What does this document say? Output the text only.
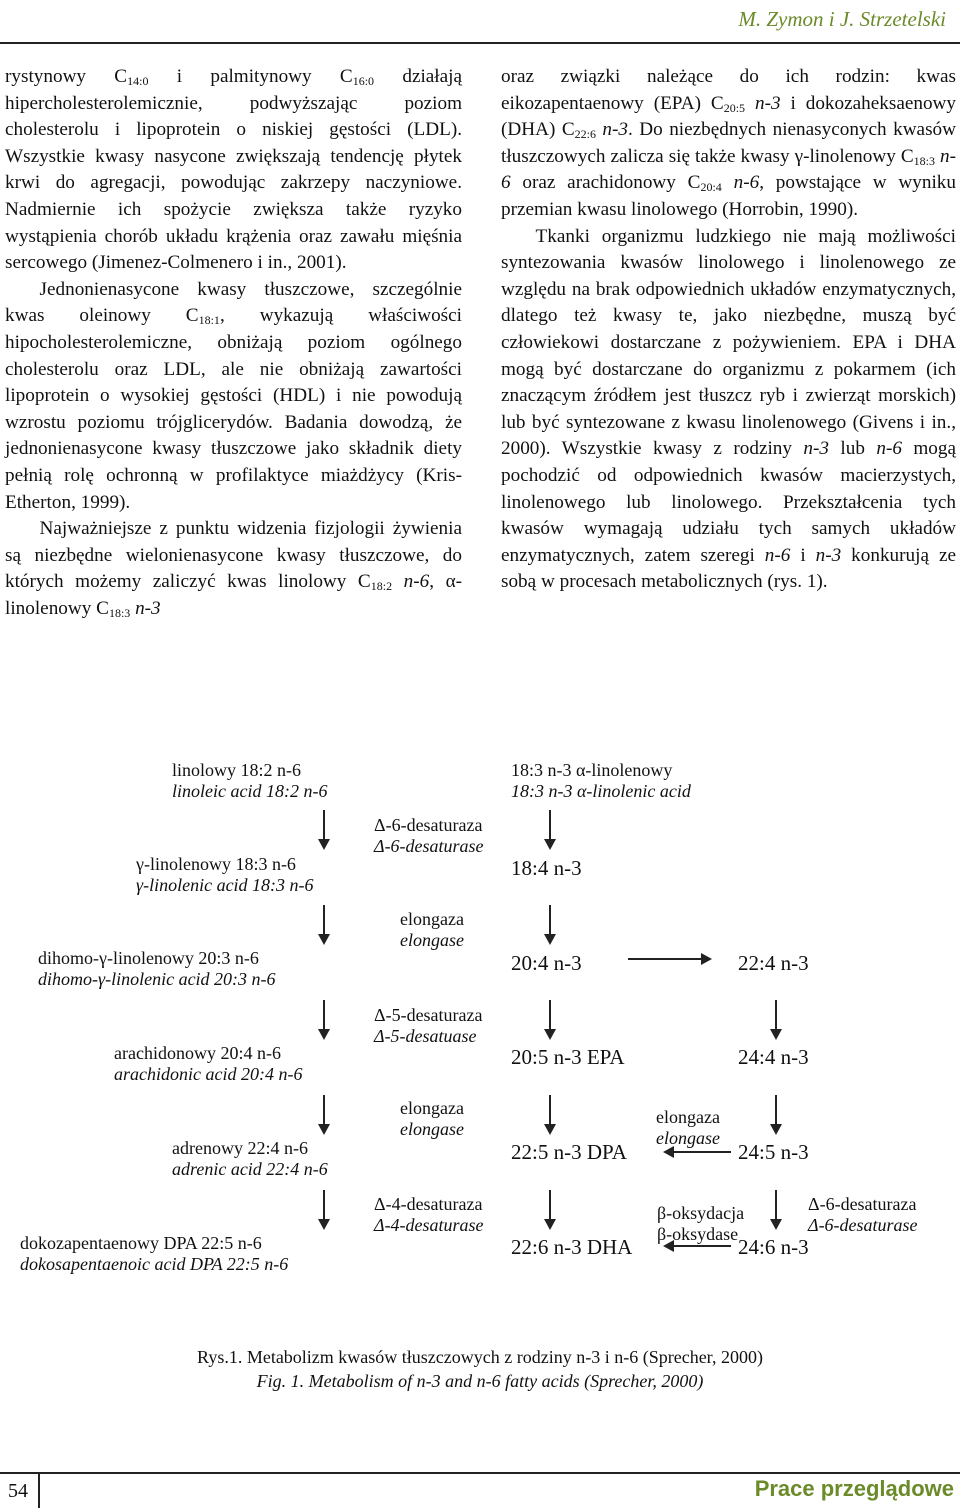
M. Zymon i J. Strzetelski

rystynowy $C_{14:0}$ i palmitynowy $C_{16:0}$ działają hipercholesterolemicznie, podwyższając poziom cholesterolu i lipoprotein o niskiej gęstości (LDL). Wszystkie kwasy nasycone zwiększają tendencję płytek krwi do agregacji, powodując zakrzepy naczyniowe. Nadmiernie ich spożycie zwiększa także ryzyko wystąpienia chorób układu krążenia oraz zawału mięśnia sercowego (Jimenez-Colmenero i in., 2001).

Jednonienasycone kwasy tłuszczowe, szczególnie kwas oleinowy $C_{18:1}$, wykazują właściwości hipocholesterolemiczne, obniżają poziom ogólnego cholesterolu oraz LDL, ale nie obniżają zawartości lipoprotein o wysokiej gęstości (HDL) i nie powodują wzrostu poziomu trójglicerydów. Badania dowodzą, że jednonienasycone kwasy tłuszczowe jako składnik diety pełnią rolę ochronną w profilaktyce miażdżycy (Kris-Etherton, 1999).

Najważniejsze z punktu widzenia fizjologii żywienia są niezbędne wielonienasycone kwasy tłuszczowe, do których możemy zaliczyć kwas linolowy $C_{18:2}$ n-6, α-linolenowy $C_{18:3}$ n-3

oraz związki należące do ich rodzin: kwas eikozapentaenowy (EPA) $C_{20:5}$ n-3 i dokozaheksaenowy (DHA) $C_{22:6}$ n-3. Do niezbędnych nienasyconych kwasów tłuszczowych zalicza się także kwasy γ-linolenowy $C_{18:3}$ n-6 oraz arachidonowy $C_{20:4}$ n-6, powstające w wyniku przemian kwasu linolowego (Horrobin, 1990).

Tkanki organizmu ludzkiego nie mają możliwości syntezowania kwasów linolowego i linolenowego ze względu na brak odpowiednich układów enzymatycznych, dlatego też kwasy te, jako niezbędne, muszą być człowiekowi dostarczane z pożywieniem. EPA i DHA mogą być dostarczane do organizmu z pokarmem (ich znaczącym źródłem jest tłuszcz ryb i zwierząt morskich) lub być syntezowane z kwasu linolenowego (Givens i in., 2000). Wszystkie kwasy z rodziny n-3 lub n-6 mogą pochodzić od odpowiednich kwasów macierzystych, linolenowego lub linolowego. Przekształcenia tych kwasów wymagają udziału tych samych układów enzymatycznych, zatem szeregi n-6 i n-3 konkurują ze sobą w procesach metabolicznych (rys. 1).

linolowy 18:2 n-6
linoleic acid 18:2 n-6
γ-linolenowy 18:3 n-6
γ-linolenic acid 18:3 n-6
dihomo-γ-linolenowy 20:3 n-6
dihomo-γ-linolenic acid 20:3 n-6
arachidonowy 20:4 n-6
arachidonic acid 20:4 n-6
adrenowy 22:4 n-6
adrenic acid 22:4 n-6
dokozapentaenowy DPA 22:5 n-6
dokosapentaenoic acid DPA 22:5 n-6
Δ-6-desaturaza
Δ-6-desaturase
elongaza
elongase
Δ-5-desaturaza
Δ-5-desatuase
elongaza
elongase
Δ-4-desaturaza
Δ-4-desaturase
18:3 n-3 α-linolenowy
18:3 n-3 α-linolenic acid
18:4 n-3
20:4 n-3
20:5 n-3 EPA
22:5 n-3 DPA
22:6 n-3 DHA
22:4 n-3
24:4 n-3
elongaza
elongase
24:5 n-3
Δ-6-desaturaza
Δ-6-desaturase
β-oksydacja
β-oksydase
24:6 n-3
Rys.1. Metabolizm kwasów tłuszczowych z rodziny n-3 i n-6 (Sprecher, 2000)
Fig. 1. Metabolism of n-3 and n-6 fatty acids (Sprecher, 2000)
54	Prace przeglądowe
